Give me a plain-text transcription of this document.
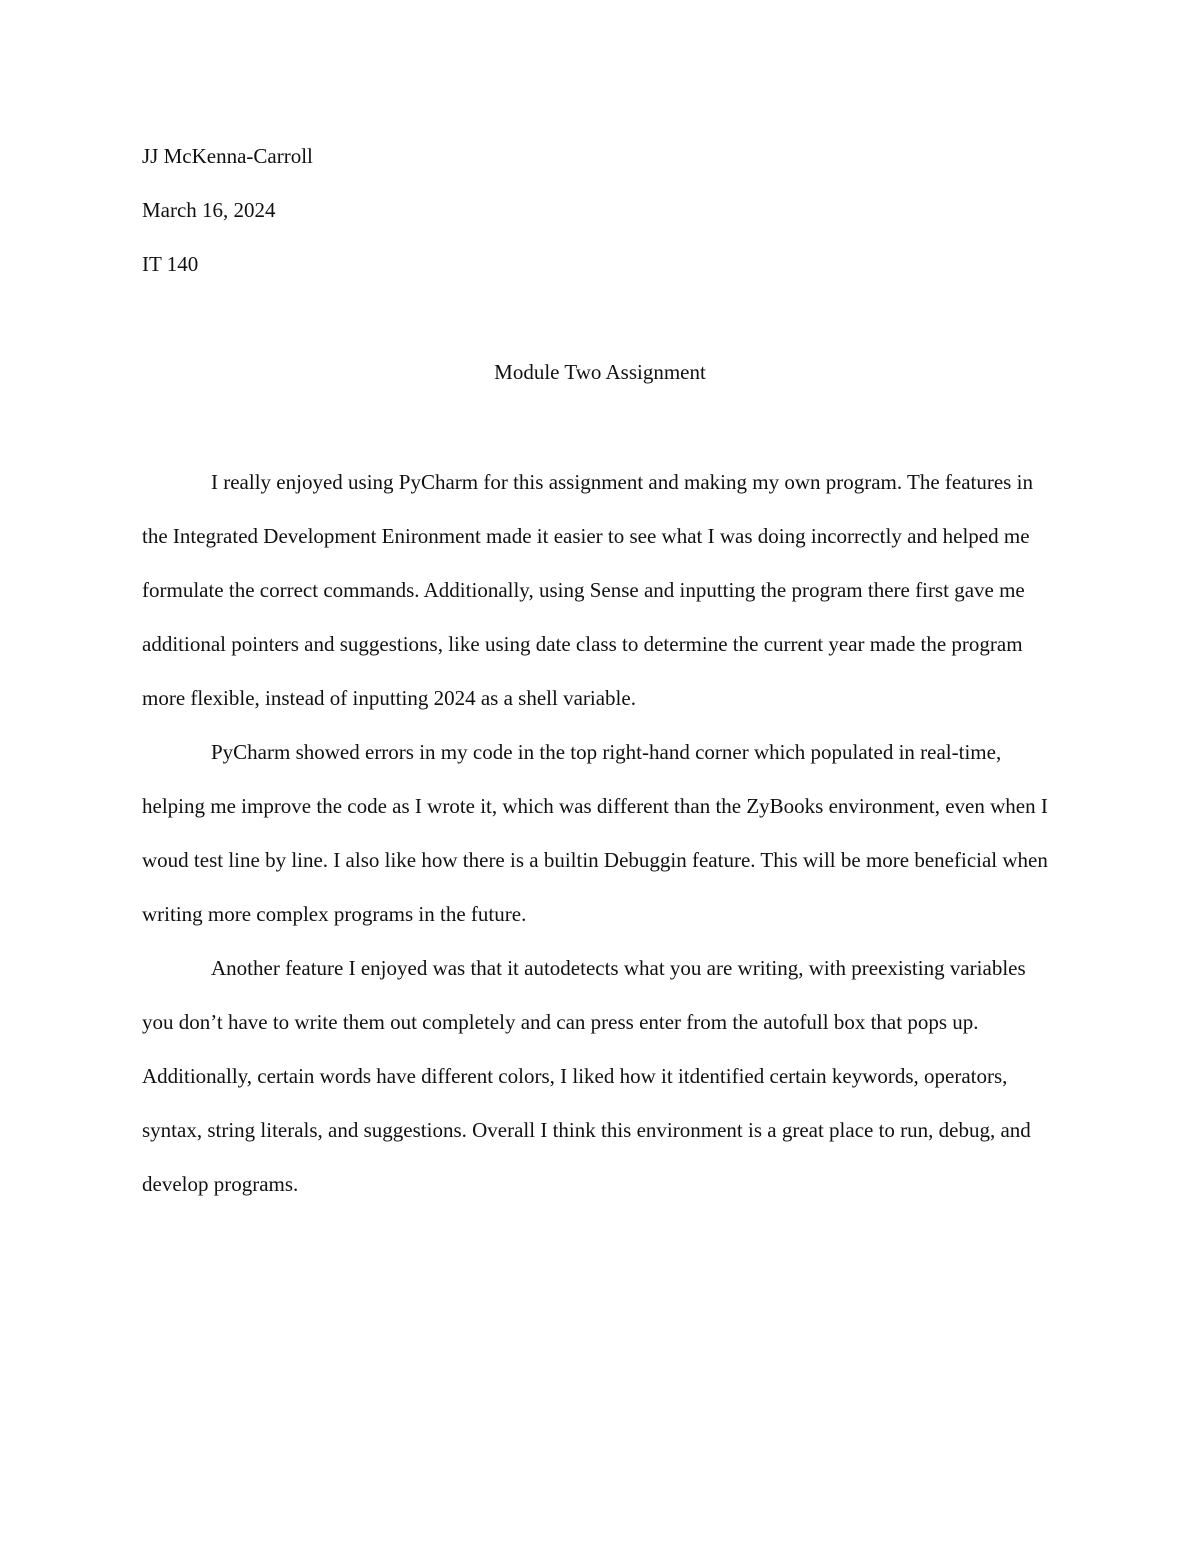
JJ McKenna-Carroll

March 16, 2024

IT 140

Module Two Assignment

I really enjoyed using PyCharm for this assignment and making my own program. The features in the Integrated Development Enironment made it easier to see what I was doing incorrectly and helped me formulate the correct commands. Additionally, using Sense and inputting the program there first gave me additional pointers and suggestions, like using date class to determine the current year made the program more flexible, instead of inputting 2024 as a shell variable.

PyCharm showed errors in my code in the top right-hand corner which populated in real-time, helping me improve the code as I wrote it, which was different than the ZyBooks environment, even when I woud test line by line. I also like how there is a builtin Debuggin feature. This will be more beneficial when writing more complex programs in the future.

Another feature I enjoyed was that it autodetects what you are writing, with preexisting variables you don’t have to write them out completely and can press enter from the autofull box that pops up. Additionally, certain words have different colors, I liked how it itdentified certain keywords, operators, syntax, string literals, and suggestions. Overall I think this environment is a great place to run, debug, and develop programs.
